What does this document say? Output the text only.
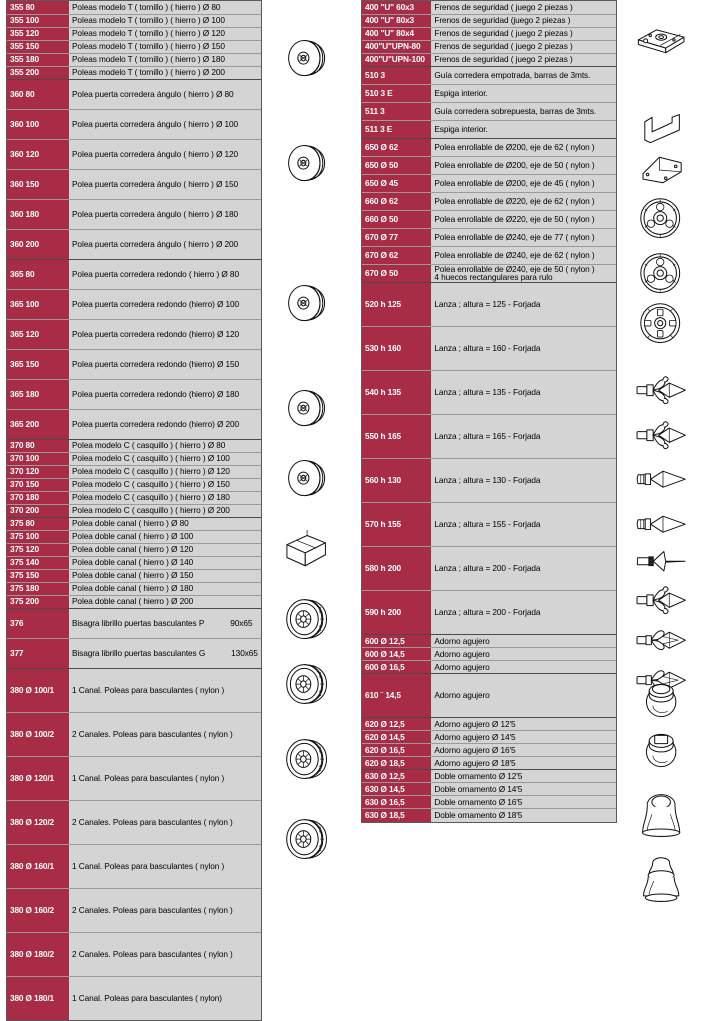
355 80	Poleas modelo T ( tornillo ) ( hierro ) Ø 80
355 100	Poleas modelo T ( tornillo ) ( hierro ) Ø 100
355 120	Poleas modelo T ( tornillo ) ( hierro ) Ø 120
355 150	Poleas modelo T ( tornillo ) ( hierro ) Ø 150
355 180	Poleas modelo T ( tornillo ) ( hierro ) Ø 180
355 200	Poleas modelo T ( tornillo ) ( hierro ) Ø 200
360 80	Polea puerta corredera ángulo ( hierro ) Ø 80
360 100	Polea puerta corredera ángulo ( hierro ) Ø 100
360 120	Polea puerta corredera ángulo ( hierro ) Ø 120
360 150	Polea puerta corredera ángulo ( hierro ) Ø 150
360 180	Polea puerta corredera ángulo ( hierro ) Ø 180
360 200	Polea puerta corredera ángulo ( hierro ) Ø 200
365 80	Polea puerta corredera redondo ( hierro ) Ø 80
365 100	Polea puerta corredera redondo (hierro) Ø 100
365 120	Polea puerta corredera redondo (hierro) Ø 120
365 150	Polea puerta corredera redondo (hierro) Ø 150
365 180	Polea puerta corredera redondo (hierro) Ø 180
365 200	Polea puerta corredera redondo (hierro) Ø 200
370 80	Polea modelo C ( casquillo ) ( hierro ) Ø 80
370 100	Polea modelo C ( casquillo ) ( hierro ) Ø 100
370 120	Polea modelo C ( casquillo ) ( hierro ) Ø 120
370 150	Polea modelo C ( casquillo ) ( hierro ) Ø 150
370 180	Polea modelo C ( casquillo ) ( hierro ) Ø 180
370 200	Polea modelo C ( casquillo ) ( hierro ) Ø 200
375 80	Polea doble canal ( hierro ) Ø 80
375 100	Polea doble canal ( hierro ) Ø 100
375 120	Polea doble canal ( hierro ) Ø 120
375 140	Polea doble canal ( hierro ) Ø 140
375 150	Polea doble canal ( hierro ) Ø 150
375 180	Polea doble canal ( hierro ) Ø 180
375 200	Polea doble canal ( hierro ) Ø 200
376	Bisagra librillo puertas basculantes P 90x65
377	Bisagra librillo puertas basculantes G 130x65
380 Ø 100/1	1 Canal. Poleas para basculantes ( nylon )
380 Ø 100/2	2 Canales. Poleas para basculantes ( nylon )
380 Ø 120/1	1 Canal. Poleas para basculantes ( nylon )
380 Ø 120/2	2 Canales. Poleas para basculantes ( nylon )
380 Ø 160/1	1 Canal. Poleas para basculantes ( nylon )
380 Ø 160/2	2 Canales. Poleas para basculantes ( nylon )
380 Ø 180/2	2 Canales. Poleas para basculantes ( nylon )
380 Ø 180/1	1 Canal. Poleas para basculantes ( nylon)
400 "U" 60x3	Frenos de seguridad ( juego 2 piezas )
400 "U" 80x3	Frenos de seguridad (juego 2 piezas )
400 "U" 80x4	Frenos de seguridad ( juego 2 piezas )
400"U"UPN-80	Frenos de seguridad ( juego 2 piezas )
400"U"UPN-100	Frenos de seguridad ( juego 2 piezas )
510 3	Guía corredera empotrada, barras de 3mts.
510 3 E	Espiga interior.
511 3	Guía corredera sobrepuesta, barras de 3mts.
511 3 E	Espiga interior.
650 Ø 62	Polea enrollable de Ø200, eje de 62 ( nylon )
650 Ø 50	Polea enrollable de Ø200, eje de 50 ( nylon )
650 Ø 45	Polea enrollable de Ø200, eje de 45 ( nylon )
660 Ø 62	Polea enrollable de Ø220, eje de 62 ( nylon )
660 Ø 50	Polea enrollable de Ø220, eje de 50 ( nylon )
670 Ø 77	Polea enrollable de Ø240, eje de 77 ( nylon )
670 Ø 62	Polea enrollable de Ø240, eje de 62 ( nylon )
670 Ø 50	Polea enrollable de Ø240, eje de 50 ( nylon )
4 huecos rectangulares para rulo

520 h 125	Lanza ; altura = 125 - Forjada
530 h 160	Lanza ; altura = 160 - Forjada
540 h 135	Lanza ; altura = 135 - Forjada
550 h 165	Lanza ; altura = 165 - Forjada
560 h 130	Lanza ; altura = 130 - Forjada
570 h 155	Lanza ; altura = 155 - Forjada
580 h 200	Lanza ; altura = 200 - Forjada
590 h 200	Lanza ; altura = 200 - Forjada
600 Ø 12,5	Adorno agujero
600 Ø 14,5	Adorno agujero
600 Ø 16,5	Adorno agujero
610 ¨ 14,5	Adorno agujero
620 Ø 12,5	Adorno agujero Ø 12'5
620 Ø 14,5	Adorno agujero Ø 14'5
620 Ø 16,5	Adorno agujero Ø 16'5
620 Ø 18,5	Adorno agujero Ø 18'5
630 Ø 12,5	Doble ornamento Ø 12'5
630 Ø 14,5	Doble ornamento Ø 14'5
630 Ø 16,5	Doble ornamento Ø 16'5
630 Ø 18,5	Doble ornamento Ø 18'5
